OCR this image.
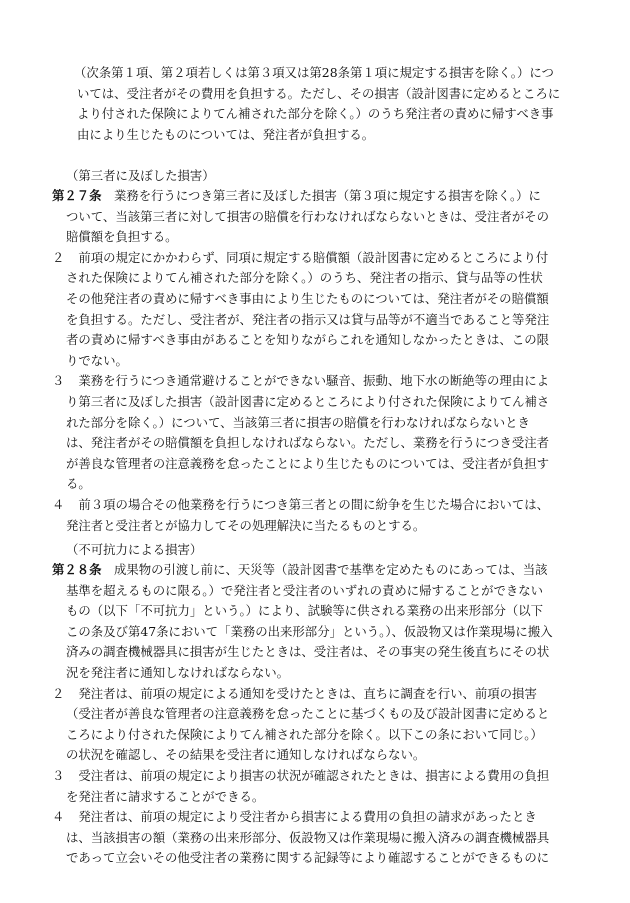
（次条第１項、第２項若しくは第３項又は第28条第１項に規定する損害を除く。）につ
いては、受注者がその費用を負担する。ただし、その損害（設計図書に定めるところに
より付された保険によりてん補された部分を除く。）のうち発注者の責めに帰すべき事
由により生じたものについては、発注者が負担する。
（第三者に及ぼした損害）
第２７条　 業務を行うにつき第三者に及ぼした損害（第３項に規定する損害を除く。）に
ついて、当該第三者に対して損害の賠償を行わなければならないときは、受注者がその
賠償額を負担する。
２　 前項の規定にかかわらず、同項に規定する賠償額（設計図書に定めるところにより付
された保険によりてん補された部分を除く。）のうち、発注者の指示、貸与品等の性状
その他発注者の責めに帰すべき事由により生じたものについては、発注者がその賠償額
を負担する。ただし、受注者が、発注者の指示又は貸与品等が不適当であること等発注
者の責めに帰すべき事由があることを知りながらこれを通知しなかったときは、この限
りでない。
３　 業務を行うにつき通常避けることができない騒音、振動、地下水の断絶等の理由によ
り第三者に及ぼした損害（設計図書に定めるところにより付された保険によりてん補さ
れた部分を除く。）について、当該第三者に損害の賠償を行わなければならないとき
は、発注者がその賠償額を負担しなければならない。ただし、業務を行うにつき受注者
が善良な管理者の注意義務を怠ったことにより生じたものについては、受注者が負担す
る。
４　 前３項の場合その他業務を行うにつき第三者との間に紛争を生じた場合においては、
発注者と受注者とが協力してその処理解決に当たるものとする。
（不可抗力による損害）
第２８条　 成果物の引渡し前に、天災等（設計図書で基準を定めたものにあっては、当該
基準を超えるものに限る。）で発注者と受注者のいずれの責めに帰することができない
もの（以下「不可抗力」という。）により、試験等に供される業務の出来形部分（以下
この条及び第47条において「業務の出来形部分」という。）、仮設物又は作業現場に搬入
済みの調査機械器具に損害が生じたときは、受注者は、その事実の発生後直ちにその状
況を発注者に通知しなければならない。
２　 発注者は、前項の規定による通知を受けたときは、直ちに調査を行い、前項の損害
（受注者が善良な管理者の注意義務を怠ったことに基づくもの及び設計図書に定めると
ころにより付された保険によりてん補された部分を除く。以下この条において同じ。）
の状況を確認し、その結果を受注者に通知しなければならない。
３　 受注者は、前項の規定により損害の状況が確認されたときは、損害による費用の負担
を発注者に請求することができる。
４　 発注者は、前項の規定により受注者から損害による費用の負担の請求があったとき
は、当該損害の額（業務の出来形部分、仮設物又は作業現場に搬入済みの調査機械器具
であって立会いその他受注者の業務に関する記録等により確認することができるものに
